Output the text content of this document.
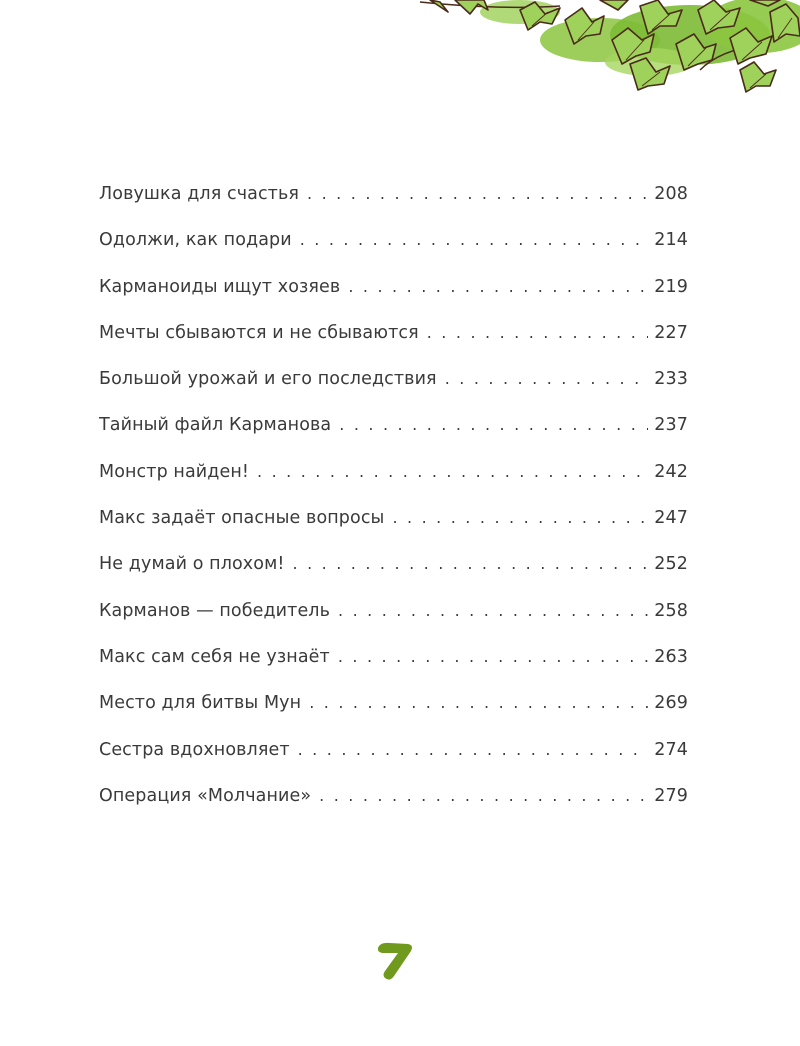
Ловушка для счастья . . .	208
Одолжи, как подари . . .	214
Карманоиды ищут хозяев . . .	219
Мечты сбываются и не сбываются . . .	227
Большой урожай и его последствия . . .	233
Тайный файл Карманова . . .	237
Монстр найден! . . .	242
Макс задаёт опасные вопросы . . .	247
Не думай о плохом! . . .	252
Карманов — победитель . . .	258
Макс сам себя не узнаёт . . .	263
Место для битвы Мун . . .	269
Сестра вдохновляет . . .	274
Операция «Молчание» . . .	279
